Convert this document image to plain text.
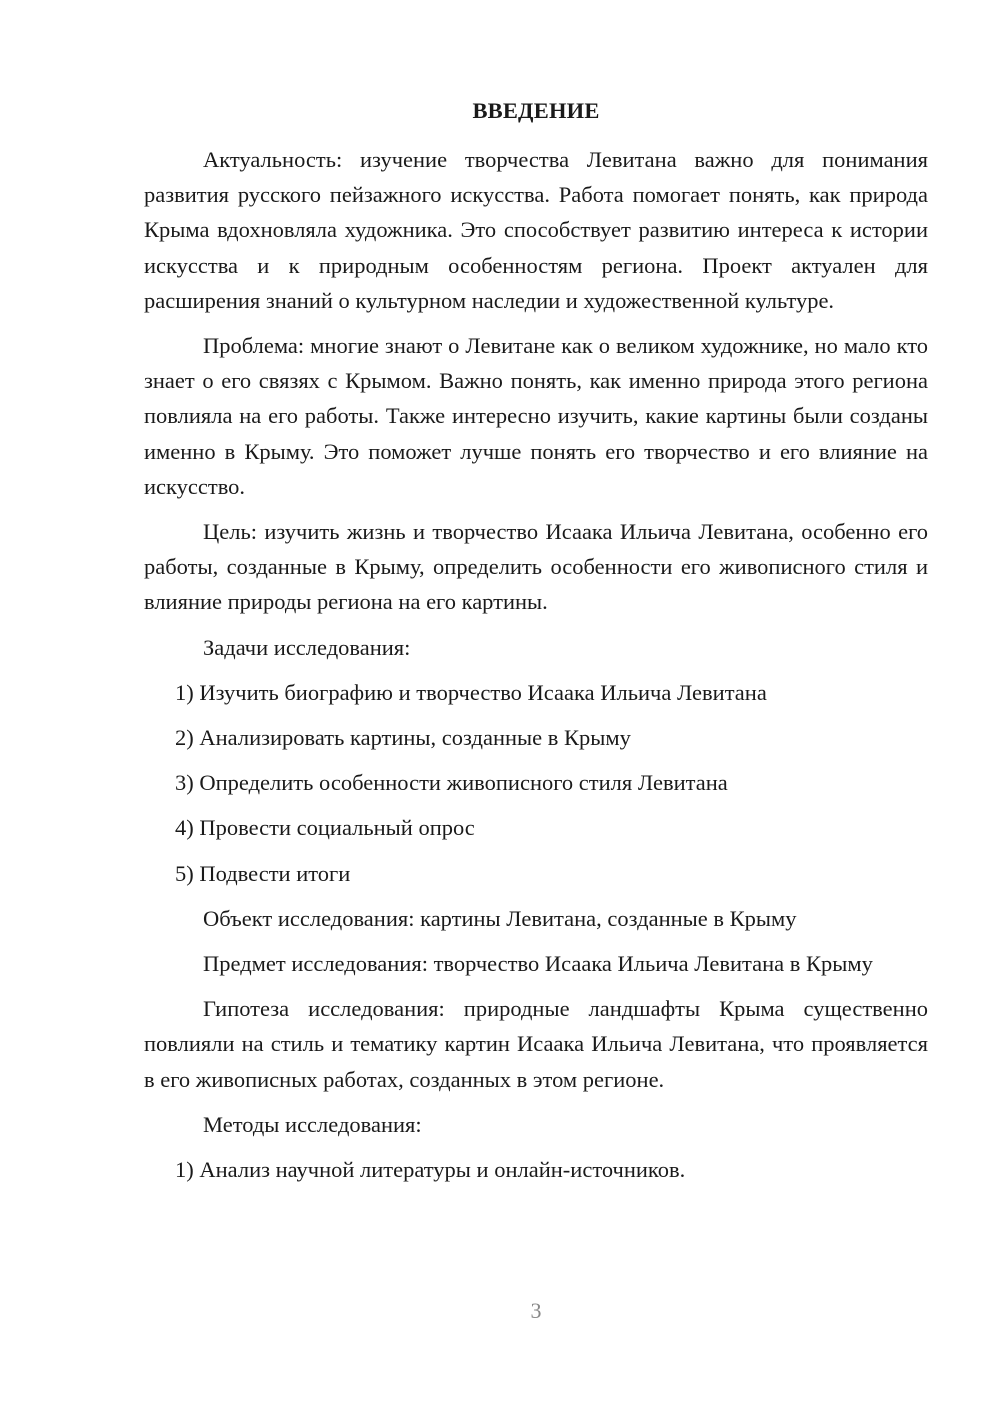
ВВЕДЕНИЕ

Актуальность: изучение творчества Левитана важно для понимания развития русского пейзажного искусства. Работа помогает понять, как природа Крыма вдохновляла художника. Это способствует развитию интереса к истории искусства и к природным особенностям региона. Проект актуален для расширения знаний о культурном наследии и художественной культуре.

Проблема: многие знают о Левитане как о великом художнике, но мало кто знает о его связях с Крымом. Важно понять, как именно природа этого региона повлияла на его работы. Также интересно изучить, какие картины были созданы именно в Крыму. Это поможет лучше понять его творчество и его влияние на искусство.

Цель: изучить жизнь и творчество Исаака Ильича Левитана, особенно его работы, созданные в Крыму, определить особенности его живописного стиля и влияние природы региона на его картины.

Задачи исследования:

1) Изучить биографию и творчество Исаака Ильича Левитана

2) Анализировать картины, созданные в Крыму

3) Определить особенности живописного стиля Левитана

4) Провести социальный опрос

5) Подвести итоги

Объект исследования: картины Левитана, созданные в Крыму

Предмет исследования: творчество Исаака Ильича Левитана в Крыму

Гипотеза исследования: природные ландшафты Крыма существенно повлияли на стиль и тематику картин Исаака Ильича Левитана, что проявляется в его живописных работах, созданных в этом регионе.

Методы исследования:

1) Анализ научной литературы и онлайн-источников.

3
